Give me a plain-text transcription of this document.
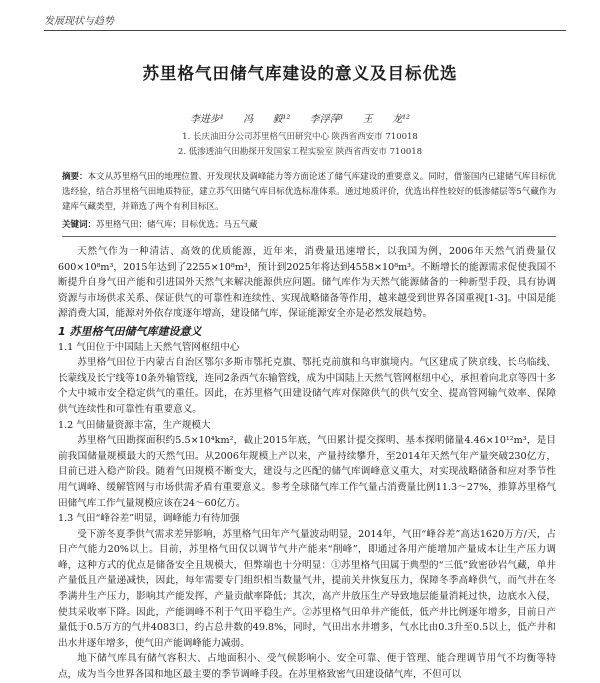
发展现状与趋势
苏里格气田储气库建设的意义及目标优选
李进步¹ 冯 毅¹² 李浮萍¹ 王 龙¹²
1. 长庆油田分公司苏里格气田研究中心 陕西省西安市 710018
2. 低渗透油气田勘探开发国家工程实验室 陕西省西安市 710018
摘要：本文从苏里格气田的地理位置、开发现状及调峰能力等方面论述了储气库建设的重要意义。同时，借鉴国内已建储气库目标优选经验，结合苏里格气田地质特征，建立苏气田储气库目标优选标准体系。通过地质评价，优选出样性较好的低渗储层等5气藏作为建库气藏类型，并筛选了两个有利目标区。
关键词：苏里格气田；储气库；目标优选；马五气藏

天然气作为一种清洁、高效的优质能源，近年来，消费量迅速增长，以我国为例，2006年天然气消费量仅600×10⁸m³，2015年达到了2255×10⁸m³，预计到2025年将达到4558×10⁸m³。不断增长的能源需求促使我国不断提升自身气田产能和引进国外天然气来解决能源供应问题。储气库作为天然气能源储备的一种新型手段，具有协调资源与市场供求关系、保证供气的可靠性和连续性、实现战略储备等作用，越来越受到世界各国重视[1-3]。中国是能源消费大国，能源对外依存度逐年增高，建设储气库，保证能源安全亦是必然发展趋势。

1 苏里格气田储气库建设意义
1.1 气田位于中国陆上天然气管网枢纽中心

苏里格气田位于内蒙古自治区鄂尔多斯市鄂托克旗、鄂托克前旗和乌审旗境内。气区建成了陕京线、长乌临线、长蒙线及长宁线等10条外输管线，连同2条西气东输管线，成为中国陆上天然气管网枢纽中心，承担着向北京等四十多个大中城市安全稳定供气的重任。因此，在苏里格气田建设储气库对保障供气的供气安全、提高管网输气效率、保障供气连续性和可靠性有重要意义。

1.2 气田储量资源丰富，生产规模大

苏里格气田勘探面积约5.5×10⁴km²，截止2015年底，气田累计提交探明、基本探明储量4.46×10¹²m³，是目前我国储量规模最大的天然气田。从2006年规模上产以来，产量持续攀升，至2014年天然气年产量突破230亿方，目前已进入稳产阶段。随着气田规模不断变大，建设与之匹配的储气库调峰意义重大，对实现战略储备和应对季节性用气调峰、缓解管网与市场供需矛盾有重要意义。参考全球储气库工作气量占消费量比例11.3～27%，推算苏里格气田储气库工作气量规模应该在24～60亿方。

1.3 气田“峰谷差”明显，调峰能力有待加强

受下游冬夏季供气需求差异影响，苏里格气田年产气量波动明显，2014年，气田“峰谷差”高达1620万方/天，占日产气能力20%以上。目前，苏里格气田仅以调节气井产能来“削峰”，即通过各用产能增加产量成本让生产压力调峰，这种方式的优点是储备安全且规模大，但弊端也十分明显：①苏里格气田属于典型的“三低”致密砂岩气藏，单井产量低且产量递减快，因此，每年需要专门组织相当数量气井，提前关井恢复压力，保障冬季高峰供气，而气井在冬季满井生产压力，影响其产能发挥，产量贡献率降低；其次，高产井放压生产导致地层能量消耗过快，边底水入侵，使其采收率下降。因此，产能调峰不利于气田平稳生产。②苏里格气田单井产能低，低产井比例逐年增多，目前日产量低于0.5万方的气井4083口，约占总井数的49.8%，同时，气田出水井增多，气水比由0.3升至0.5以上，低产井和出水井逐年增多，使气田产能调峰能力减弱。

地下储气库具有储气容积大、占地面积小、受气候影响小、安全可靠、便于管理、能合理调节用气不均衡等特点，成为当今世界各国和地区最主要的季节调峰手段。在苏里格致密气田建设储气库，不但可以
